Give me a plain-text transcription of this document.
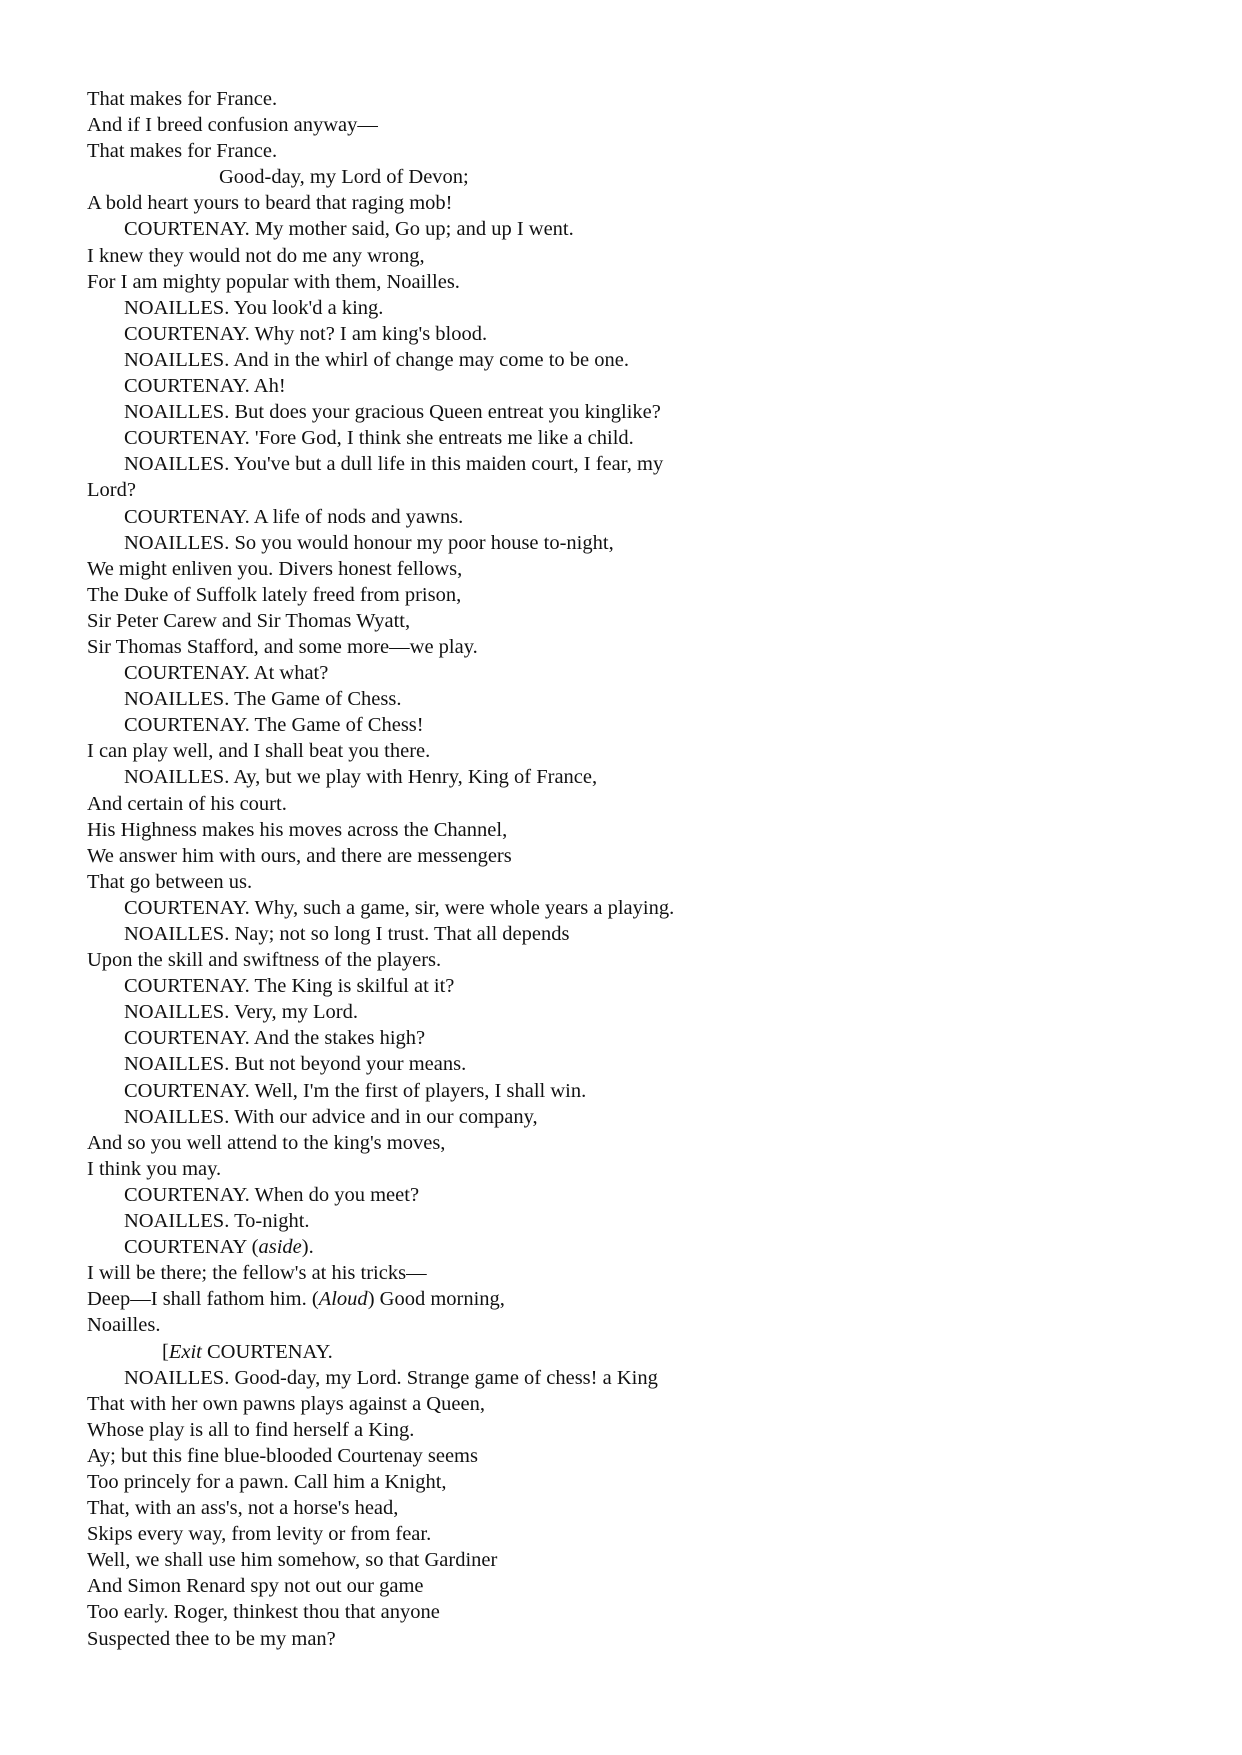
That makes for France.
And if I breed confusion anyway—
That makes for France.
Good-day, my Lord of Devon;
A bold heart yours to beard that raging mob!
COURTENAY. My mother said, Go up; and up I went.
I knew they would not do me any wrong,
For I am mighty popular with them, Noailles.
NOAILLES. You look'd a king.
COURTENAY. Why not? I am king's blood.
NOAILLES. And in the whirl of change may come to be one.
COURTENAY. Ah!
NOAILLES. But does your gracious Queen entreat you kinglike?
COURTENAY. 'Fore God, I think she entreats me like a child.
NOAILLES. You've but a dull life in this maiden court, I fear, my
Lord?
COURTENAY. A life of nods and yawns.
NOAILLES. So you would honour my poor house to-night,
We might enliven you. Divers honest fellows,
The Duke of Suffolk lately freed from prison,
Sir Peter Carew and Sir Thomas Wyatt,
Sir Thomas Stafford, and some more—we play.
COURTENAY. At what?
NOAILLES. The Game of Chess.
COURTENAY. The Game of Chess!
I can play well, and I shall beat you there.
NOAILLES. Ay, but we play with Henry, King of France,
And certain of his court.
His Highness makes his moves across the Channel,
We answer him with ours, and there are messengers
That go between us.
COURTENAY. Why, such a game, sir, were whole years a playing.
NOAILLES. Nay; not so long I trust. That all depends
Upon the skill and swiftness of the players.
COURTENAY. The King is skilful at it?
NOAILLES. Very, my Lord.
COURTENAY. And the stakes high?
NOAILLES. But not beyond your means.
COURTENAY. Well, I'm the first of players, I shall win.
NOAILLES. With our advice and in our company,
And so you well attend to the king's moves,
I think you may.
COURTENAY. When do you meet?
NOAILLES. To-night.
COURTENAY (aside).
I will be there; the fellow's at his tricks—
Deep—I shall fathom him. (Aloud) Good morning,
Noailles.
[Exit COURTENAY.
NOAILLES. Good-day, my Lord. Strange game of chess! a King
That with her own pawns plays against a Queen,
Whose play is all to find herself a King.
Ay; but this fine blue-blooded Courtenay seems
Too princely for a pawn. Call him a Knight,
That, with an ass's, not a horse's head,
Skips every way, from levity or from fear.
Well, we shall use him somehow, so that Gardiner
And Simon Renard spy not out our game
Too early. Roger, thinkest thou that anyone
Suspected thee to be my man?
